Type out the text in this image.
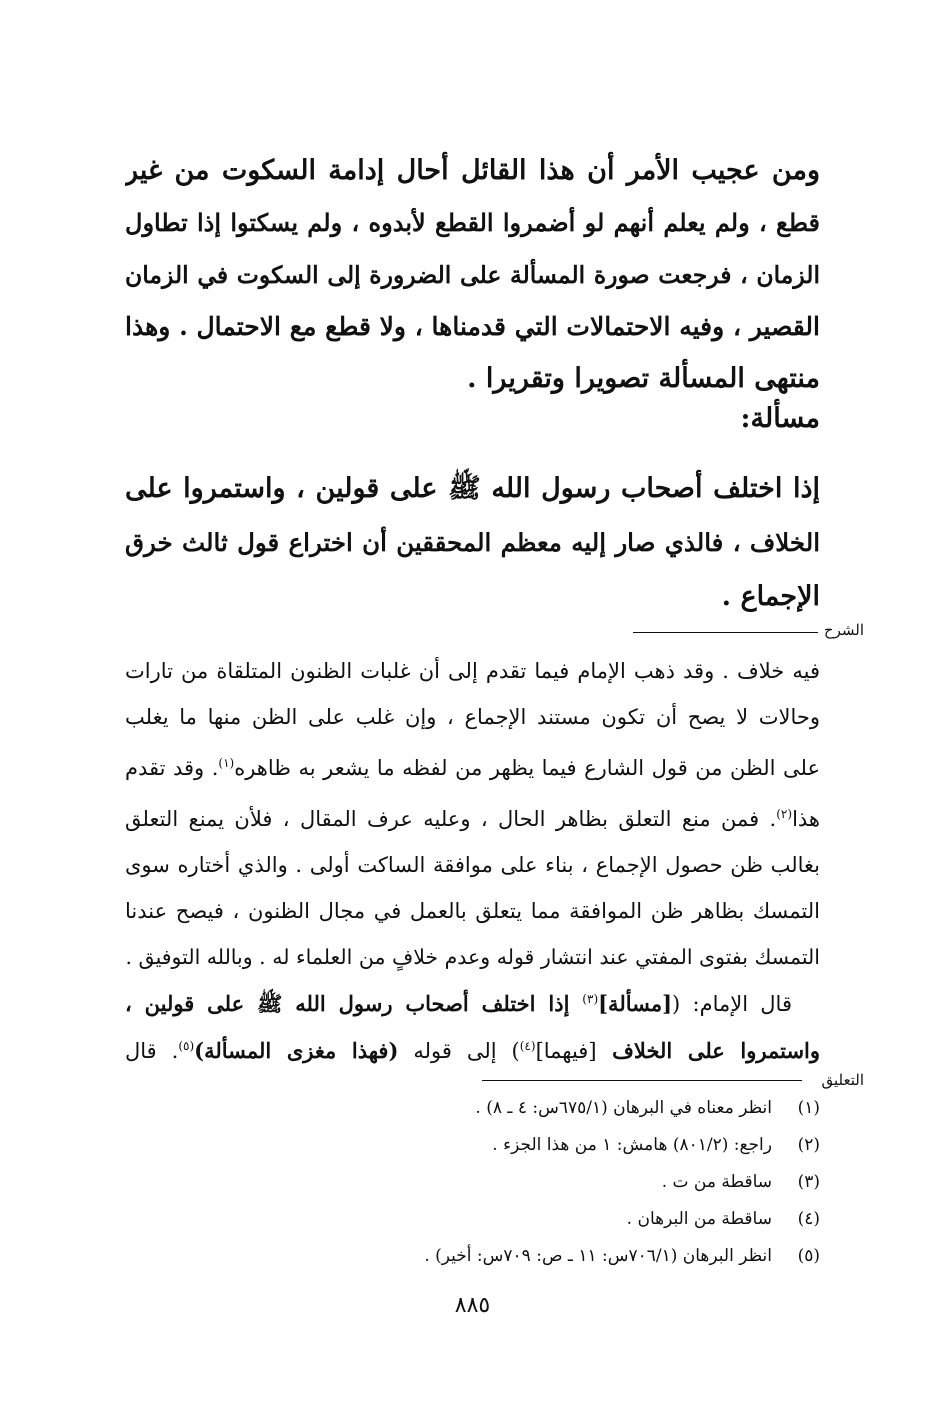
ومن عجيب الأمر أن هذا القائل أحال إدامة السكوت من غير
قطع ، ولم يعلم أنهم لو أضمروا القطع لأبدوه ، ولم يسكتوا إذا تطاول
الزمان ، فرجعت صورة المسألة على الضرورة إلى السكوت في الزمان
القصير ، وفيه الاحتمالات التي قدمناها ، ولا قطع مع الاحتمال . وهذا
منتهى المسألة تصويرا وتقريرا .
مسألة:
إذا اختلف أصحاب رسول الله ﷺ على قولين ، واستمروا على
الخلاف ، فالذي صار إليه معظم المحققين أن اختراع قول ثالث خرق
الإجماع .
الشرح
فيه خلاف . وقد ذهب الإمام فيما تقدم إلى أن غلبات الظنون المتلقاة من تارات
وحالات لا يصح أن تكون مستند الإجماع ، وإن غلب على الظن منها ما يغلب
على الظن من قول الشارع فيما يظهر من لفظه ما يشعر به ظاهره$^{(١)}$. وقد تقدم
هذا$^{(٢)}$. فمن منع التعلق بظاهر الحال ، وعليه عرف المقال ، فلأن يمنع التعلق
بغالب ظن حصول الإجماع ، بناء على موافقة الساكت أولى . والذي أختاره سوى
التمسك بظاهر ظن الموافقة مما يتعلق بالعمل في مجال الظنون ، فيصح عندنا
التمسك بفتوى المفتي عند انتشار قوله وعدم خلافٍ من العلماء له . وبالله التوفيق .
قال الإمام: ([مسألة]$^{(٣)}$ إذا اختلف أصحاب رسول الله ﷺ على قولين ،
واستمروا على الخلاف [فيهما]$^{(٤)}$) إلى قوله (فهذا مغزى المسألة)$^{(٥)}$. قال
التعليق
(١)انظر معناه في البرهان (٦٧٥/١س: ٤ ـ ٨) .
(٢)راجع: (٨٠١/٢) هامش: ١ من هذا الجزء .
(٣)ساقطة من ت .
(٤)ساقطة من البرهان .
(٥)انظر البرهان (٧٠٦/١س: ١١ ـ ص: ٧٠٩س: أخير) .
٨٨٥
